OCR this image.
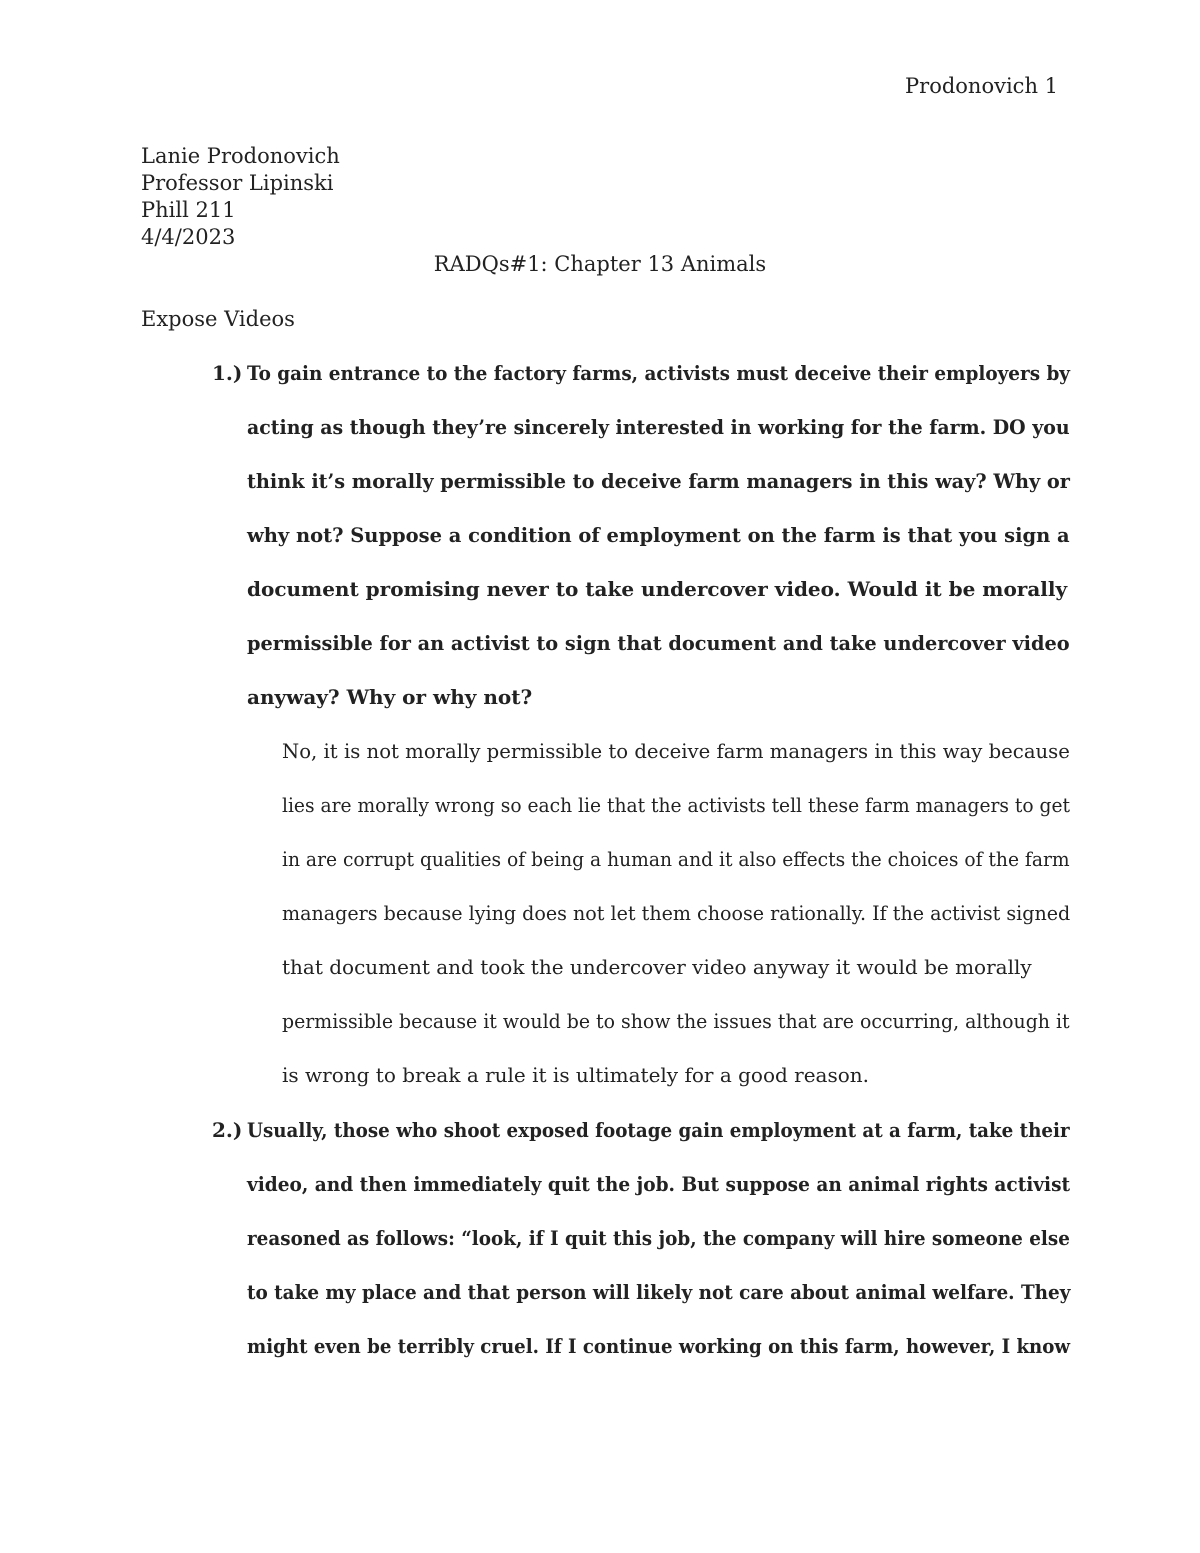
Prodonovich 1
Lanie Prodonovich
Professor Lipinski
Phill 211
4/4/2023
RADQs#1: Chapter 13 Animals
Expose Videos
1.) To gain entrance to the factory farms, activists must deceive their employers by
acting as though they’re sincerely interested in working for the farm. DO you
think it’s morally permissible to deceive farm managers in this way? Why or
why not? Suppose a condition of employment on the farm is that you sign a
document promising never to take undercover video. Would it be morally
permissible for an activist to sign that document and take undercover video
anyway? Why or why not?
No, it is not morally permissible to deceive farm managers in this way because
lies are morally wrong so each lie that the activists tell these farm managers to get
in are corrupt qualities of being a human and it also effects the choices of the farm
managers because lying does not let them choose rationally. If the activist signed
that document and took the undercover video anyway it would be morally
permissible because it would be to show the issues that are occurring, although it
is wrong to break a rule it is ultimately for a good reason.
2.) Usually, those who shoot exposed footage gain employment at a farm, take their
video, and then immediately quit the job. But suppose an animal rights activist
reasoned as follows: “look, if I quit this job, the company will hire someone else
to take my place and that person will likely not care about animal welfare. They
might even be terribly cruel. If I continue working on this farm, however, I know
